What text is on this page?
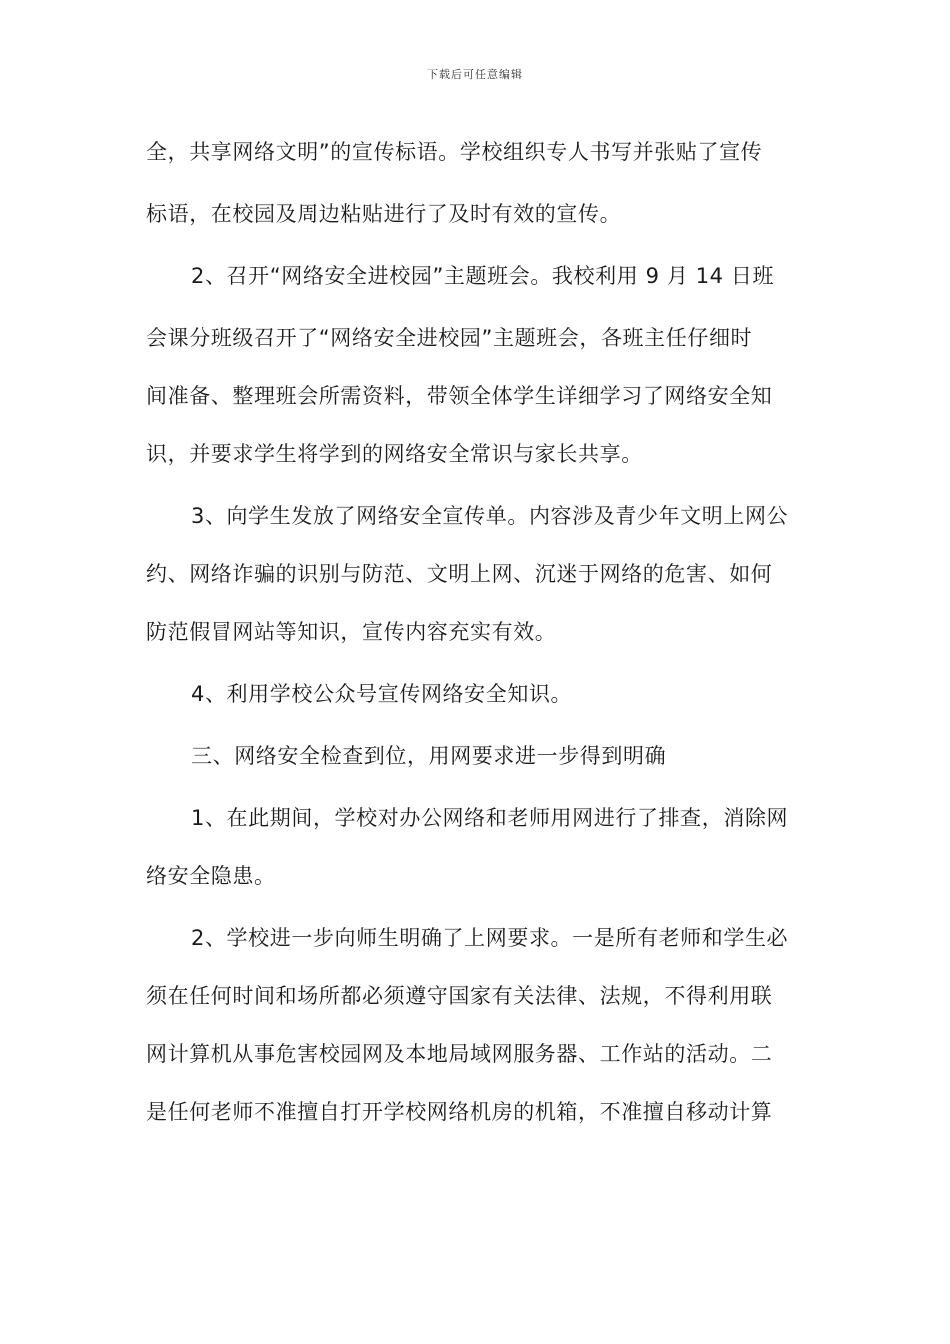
下载后可任意编辑
全，共享网络文明”的宣传标语。学校组织专人书写并张贴了宣传
标语，在校园及周边粘贴进行了及时有效的宣传。
2、召开“网络安全进校园”主题班会。我校利用 9 月 14 日班
会课分班级召开了“网络安全进校园”主题班会，各班主任仔细时
间准备、整理班会所需资料，带领全体学生详细学习了网络安全知
识，并要求学生将学到的网络安全常识与家长共享。
3、向学生发放了网络安全宣传单。内容涉及青少年文明上网公
约、网络诈骗的识别与防范、文明上网、沉迷于网络的危害、如何
防范假冒网站等知识，宣传内容充实有效。
4、利用学校公众号宣传网络安全知识。
三、网络安全检查到位，用网要求进一步得到明确
1、在此期间，学校对办公网络和老师用网进行了排查，消除网
络安全隐患。
2、学校进一步向师生明确了上网要求。一是所有老师和学生必
须在任何时间和场所都必须遵守国家有关法律、法规，不得利用联
网计算机从事危害校园网及本地局域网服务器、工作站的活动。二
是任何老师不准擅自打开学校网络机房的机箱，不准擅自移动计算
